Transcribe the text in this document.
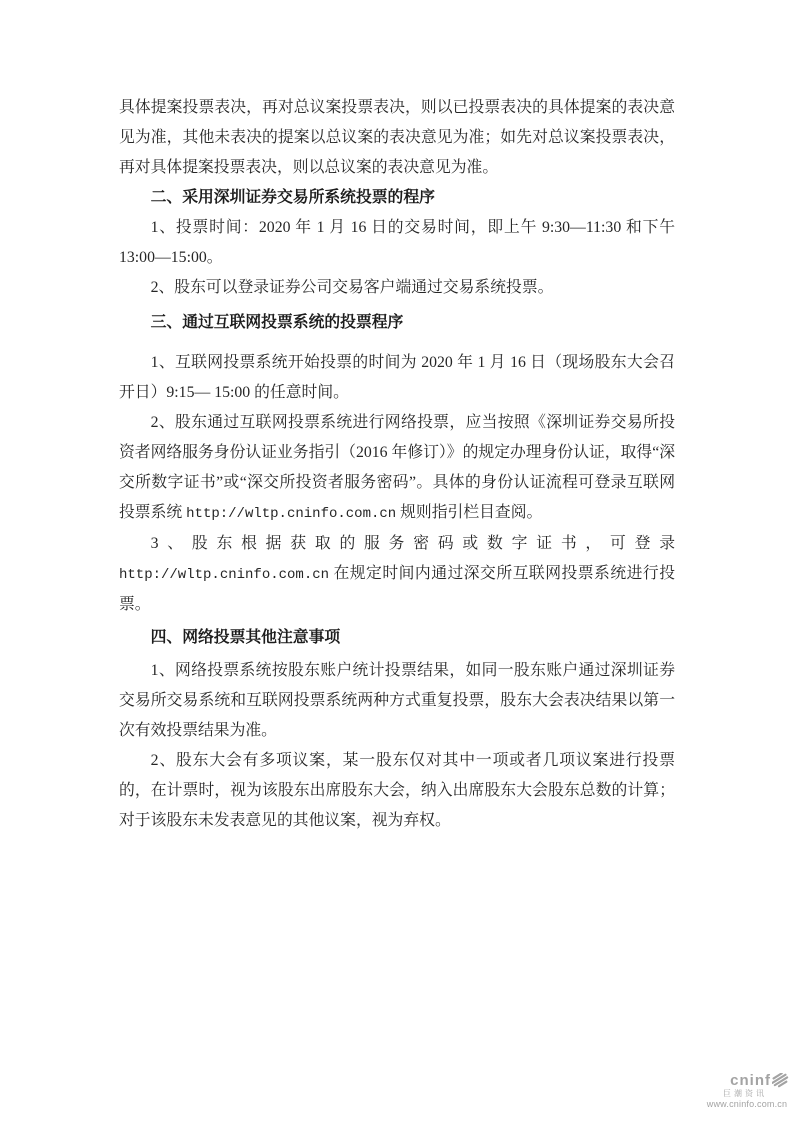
具体提案投票表决，再对总议案投票表决，则以已投票表决的具体提案的表决意见为准，其他未表决的提案以总议案的表决意见为准；如先对总议案投票表决，再对具体提案投票表决，则以总议案的表决意见为准。

二、采用深圳证券交易所系统投票的程序

1、投票时间：2020 年 1 月 16 日的交易时间，即上午 9:30—11:30 和下午 13:00—15:00。

2、股东可以登录证券公司交易客户端通过交易系统投票。

三、通过互联网投票系统的投票程序

1、互联网投票系统开始投票的时间为 2020 年 1 月 16 日（现场股东大会召开日）9:15— 15:00 的任意时间。

2、股东通过互联网投票系统进行网络投票，应当按照《深圳证券交易所投资者网络服务身份认证业务指引（2016 年修订）》的规定办理身份认证，取得“深交所数字证书”或“深交所投资者服务密码”。具体的身份认证流程可登录互联网投票系统 http://wltp.cninfo.com.cn 规则指引栏目查阅。

3、股东根据获取的服务密码或数字证书，可登录 http://wltp.cninfo.com.cn 在规定时间内通过深交所互联网投票系统进行投票。

四、网络投票其他注意事项

1、网络投票系统按股东账户统计投票结果，如同一股东账户通过深圳证券交易所交易系统和互联网投票系统两种方式重复投票，股东大会表决结果以第一次有效投票结果为准。

2、股东大会有多项议案，某一股东仅对其中一项或者几项议案进行投票的，在计票时，视为该股东出席股东大会，纳入出席股东大会股东总数的计算；对于该股东未发表意见的其他议案，视为弃权。

cninf
巨潮资讯
www.cninfo.com.cn
